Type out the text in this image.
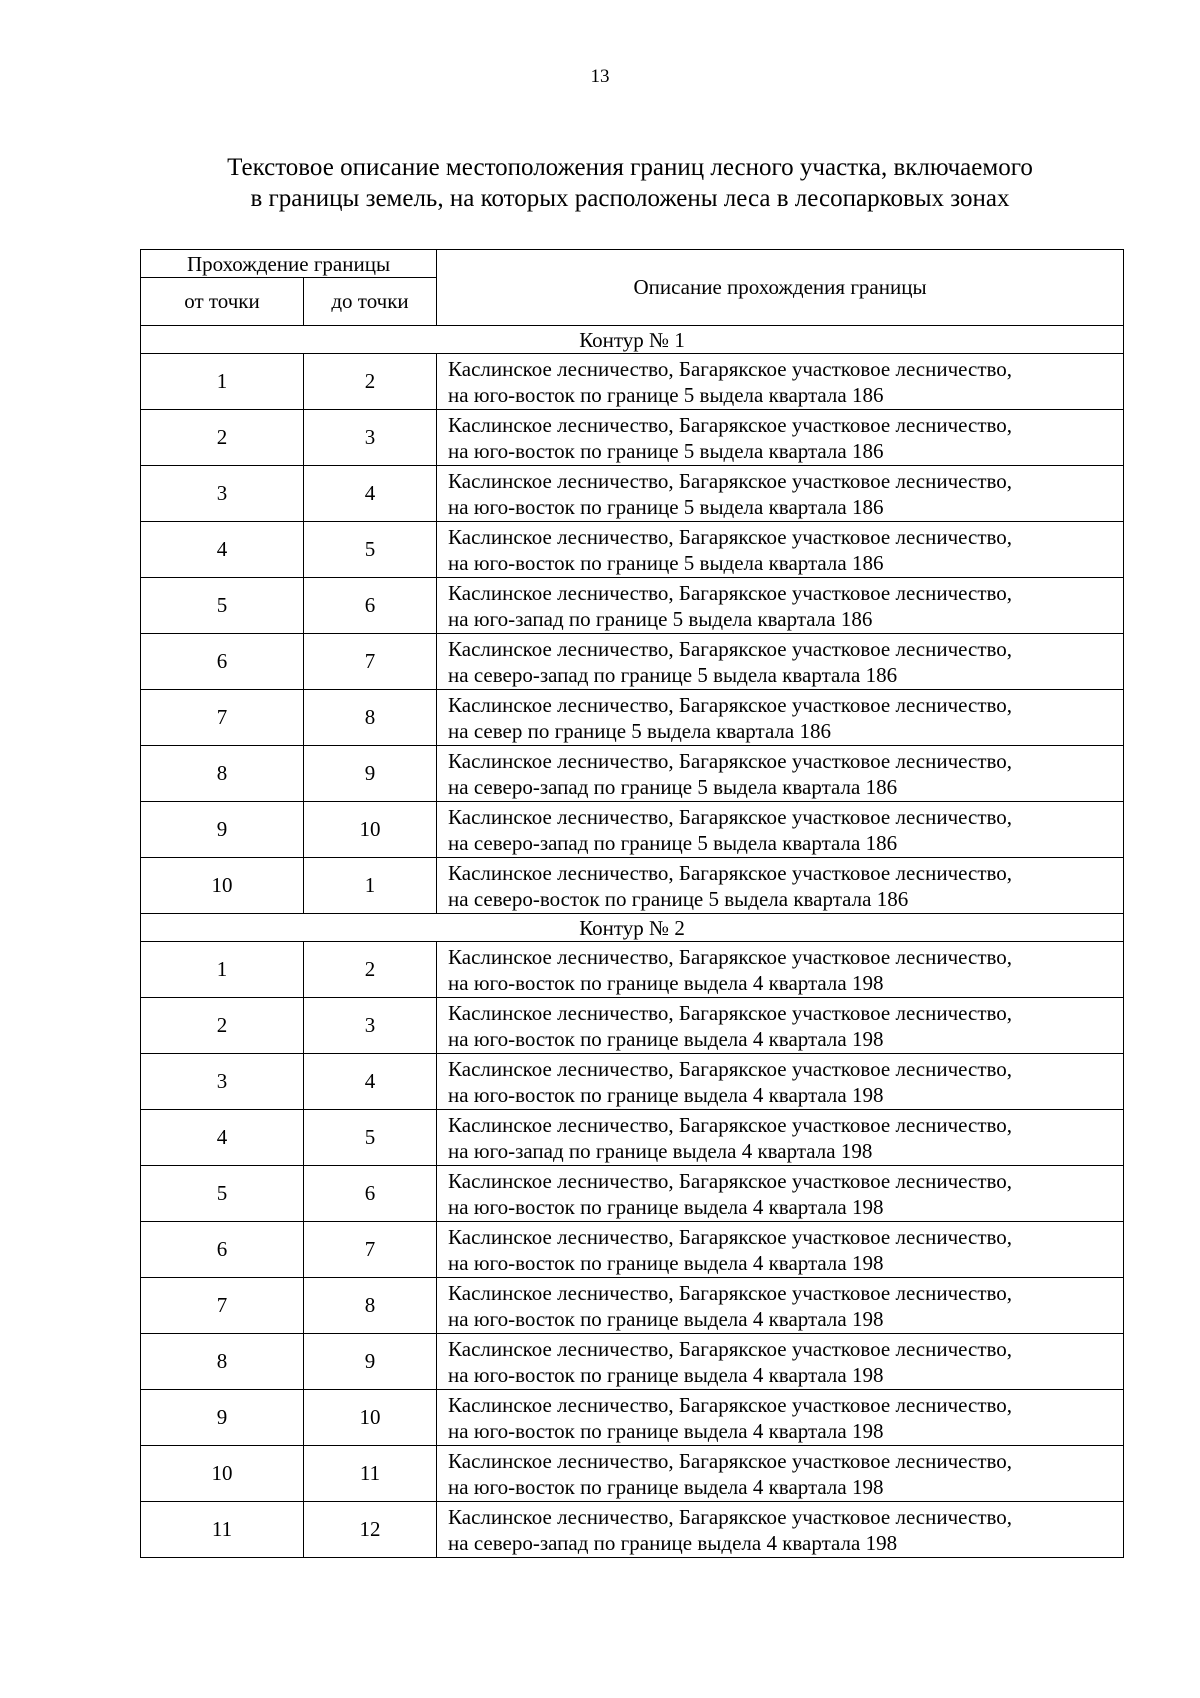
13
Текстовое описание местоположения границ лесного участка, включаемого
в границы земель, на которых расположены леса в лесопарковых зонах
Прохождение границы		Описание прохождения границы
от точки	до точки	
Контур № 1		
1	2	Каслинское лесничество, Багарякское участковое лесничество,
на юго-восток по границе 5 выдела квартала 186

2	3	Каслинское лесничество, Багарякское участковое лесничество,
на юго-восток по границе 5 выдела квартала 186

3	4	Каслинское лесничество, Багарякское участковое лесничество,
на юго-восток по границе 5 выдела квартала 186

4	5	Каслинское лесничество, Багарякское участковое лесничество,
на юго-восток по границе 5 выдела квартала 186

5	6	Каслинское лесничество, Багарякское участковое лесничество,
на юго-запад по границе 5 выдела квартала 186

6	7	Каслинское лесничество, Багарякское участковое лесничество,
на северо-запад по границе 5 выдела квартала 186

7	8	Каслинское лесничество, Багарякское участковое лесничество,
на север по границе 5 выдела квартала 186

8	9	Каслинское лесничество, Багарякское участковое лесничество,
на северо-запад по границе 5 выдела квартала 186

9	10	Каслинское лесничество, Багарякское участковое лесничество,
на северо-запад по границе 5 выдела квартала 186

10	1	Каслинское лесничество, Багарякское участковое лесничество,
на северо-восток по границе 5 выдела квартала 186

Контур № 2		
1	2	Каслинское лесничество, Багарякское участковое лесничество,
на юго-восток по границе выдела 4 квартала 198

2	3	Каслинское лесничество, Багарякское участковое лесничество,
на юго-восток по границе выдела 4 квартала 198

3	4	Каслинское лесничество, Багарякское участковое лесничество,
на юго-восток по границе выдела 4 квартала 198

4	5	Каслинское лесничество, Багарякское участковое лесничество,
на юго-запад по границе выдела 4 квартала 198

5	6	Каслинское лесничество, Багарякское участковое лесничество,
на юго-восток по границе выдела 4 квартала 198

6	7	Каслинское лесничество, Багарякское участковое лесничество,
на юго-восток по границе выдела 4 квартала 198

7	8	Каслинское лесничество, Багарякское участковое лесничество,
на юго-восток по границе выдела 4 квартала 198

8	9	Каслинское лесничество, Багарякское участковое лесничество,
на юго-восток по границе выдела 4 квартала 198

9	10	Каслинское лесничество, Багарякское участковое лесничество,
на юго-восток по границе выдела 4 квартала 198

10	11	Каслинское лесничество, Багарякское участковое лесничество,
на юго-восток по границе выдела 4 квартала 198

11	12	Каслинское лесничество, Багарякское участковое лесничество,
на северо-запад по границе выдела 4 квартала 198
